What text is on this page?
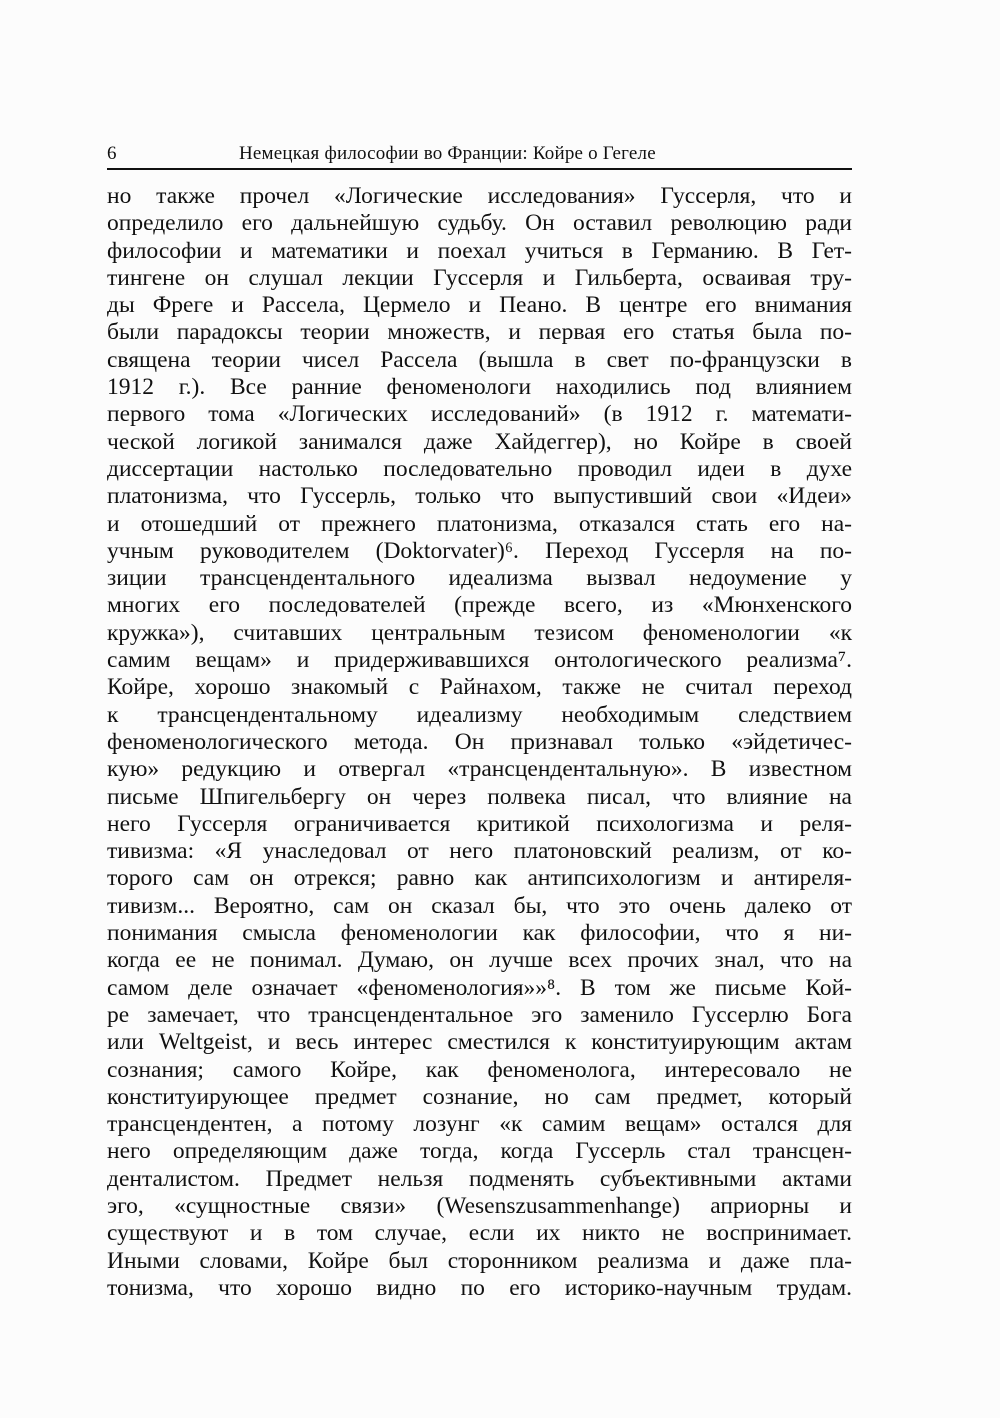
6	Немецкая философии во Франции: Койре о Гегеле
но также прочел «Логические исследования» Гуссерля, что и
определило его дальнейшую судьбу. Он оставил революцию ради
философии и математики и поехал учиться в Германию. В Гет-
тингене он слушал лекции Гуссерля и Гильберта, осваивая тру-
ды Фреге и Рассела, Цермело и Пеано. В центре его внимания
были парадоксы теории множеств, и первая его статья была по-
священа теории чисел Рассела (вышла в свет по-французски в
1912 г.). Все ранние феноменологи находились под влиянием
первого тома «Логических исследований» (в 1912 г. математи-
ческой логикой занимался даже Хайдеггер), но Койре в своей
диссертации настолько последовательно проводил идеи в духе
платонизма, что Гуссерль, только что выпустивший свои «Идеи»
и отошедший от прежнего платонизма, отказался стать его на-
учным руководителем (Doktorvater)⁶. Переход Гуссерля на по-
зиции трансцендентального идеализма вызвал недоумение у
многих его последователей (прежде всего, из «Мюнхенского
кружка»), считавших центральным тезисом феноменологии «к
самим вещам» и придерживавшихся онтологического реализма⁷.
Койре, хорошо знакомый с Райнахом, также не считал переход
к трансцендентальному идеализму необходимым следствием
феноменологического метода. Он признавал только «эйдетичес-
кую» редукцию и отвергал «трансцендентальную». В известном
письме Шпигельбергу он через полвека писал, что влияние на
него Гуссерля ограничивается критикой психологизма и реля-
тивизма: «Я унаследовал от него платоновский реализм, от ко-
торого сам он отрекся; равно как антипсихологизм и антиреля-
тивизм... Вероятно, сам он сказал бы, что это очень далеко от
понимания смысла феноменологии как философии, что я ни-
когда ее не понимал. Думаю, он лучше всех прочих знал, что на
самом деле означает «феноменология»»⁸. В том же письме Кой-
ре замечает, что трансцендентальное эго заменило Гуссерлю Бога
или Weltgeist, и весь интерес сместился к конституирующим актам
сознания; самого Койре, как феноменолога, интересовало не
конституирующее предмет сознание, но сам предмет, который
трансцендентен, а потому лозунг «к самим вещам» остался для
него определяющим даже тогда, когда Гуссерль стал трансцен-
денталистом. Предмет нельзя подменять субъективными актами
эго, «сущностные связи» (Wesenszusammenhange) априорны и
существуют и в том случае, если их никто не воспринимает.
Иными словами, Койре был сторонником реализма и даже пла-
тонизма, что хорошо видно по его историко-научным трудам.
